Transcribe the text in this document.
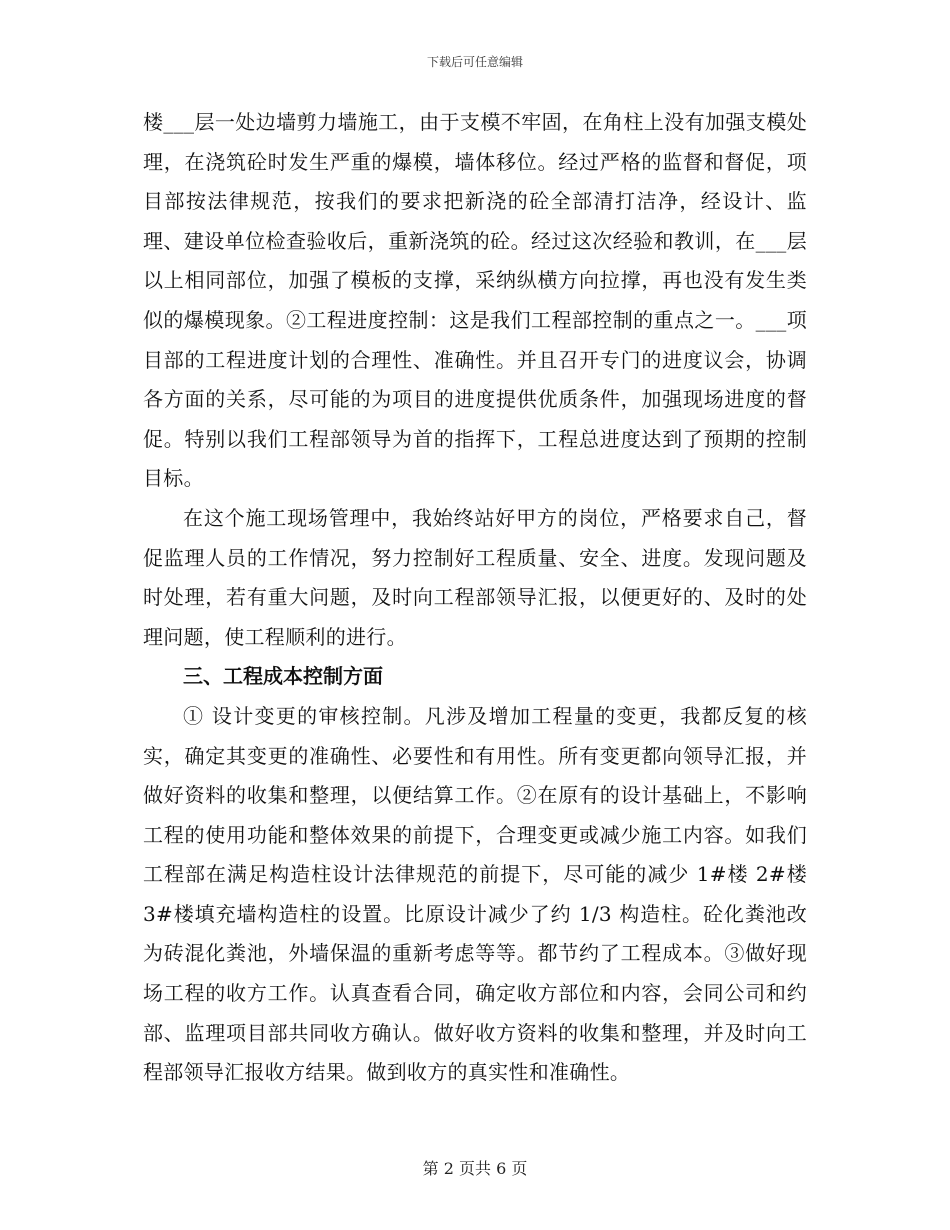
下载后可任意编辑

楼___层一处边墙剪力墙施工，由于支模不牢固，在角柱上没有加强支模处理，在浇筑砼时发生严重的爆模，墙体移位。经过严格的监督和督促，项目部按法律规范，按我们的要求把新浇的砼全部清打洁净，经设计、监理、建设单位检查验收后，重新浇筑的砼。经过这次经验和教训，在___层以上相同部位，加强了模板的支撑，采纳纵横方向拉撑，再也没有发生类似的爆模现象。②工程进度控制：这是我们工程部控制的重点之一。___项目部的工程进度计划的合理性、准确性。并且召开专门的进度议会，协调各方面的关系，尽可能的为项目的进度提供优质条件，加强现场进度的督促。特别以我们工程部领导为首的指挥下，工程总进度达到了预期的控制目标。

在这个施工现场管理中，我始终站好甲方的岗位，严格要求自己，督促监理人员的工作情况，努力控制好工程质量、安全、进度。发现问题及时处理，若有重大问题，及时向工程部领导汇报，以便更好的、及时的处理问题，使工程顺利的进行。

三、工程成本控制方面

① 设计变更的审核控制。凡涉及增加工程量的变更，我都反复的核实，确定其变更的准确性、必要性和有用性。所有变更都向领导汇报，并做好资料的收集和整理，以便结算工作。②在原有的设计基础上，不影响工程的使用功能和整体效果的前提下，合理变更或减少施工内容。如我们工程部在满足构造柱设计法律规范的前提下，尽可能的减少 1#楼 2#楼 3#楼填充墙构造柱的设置。比原设计减少了约 1/3 构造柱。砼化粪池改为砖混化粪池，外墙保温的重新考虑等等。都节约了工程成本。③做好现场工程的收方工作。认真查看合同，确定收方部位和内容，会同公司和约部、监理项目部共同收方确认。做好收方资料的收集和整理，并及时向工程部领导汇报收方结果。做到收方的真实性和准确性。

第 2 页共 6 页
